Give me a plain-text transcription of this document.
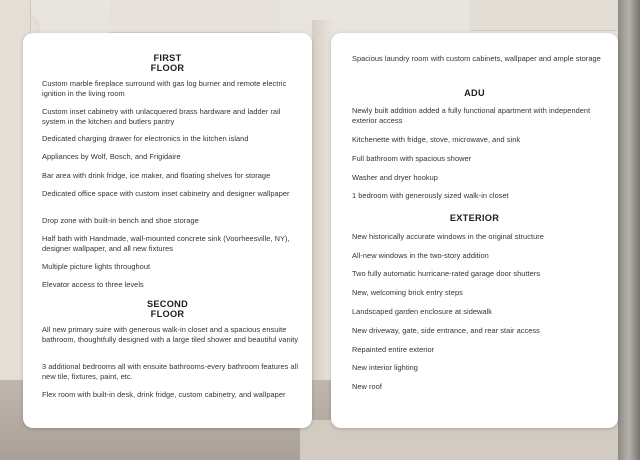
FIRST
FLOOR
Custom marble fireplace surround with gas log burner and remote electric ignition in the living room
Custom inset cabinetry with unlacquered brass hardware and ladder rail system in the kitchen and butlers pantry
Dedicated charging drawer for electronics in the kitchen island
Appliances by Wolf, Bosch, and Frigidaire
Bar area with drink fridge, ice maker, and floating shelves for storage
Dedicated office space with custom inset cabinetry and designer wallpaper
Drop zone with built-in bench and shoe storage
Half bath with Handmade, wall-mounted concrete sink (Voorheesville, NY), designer wallpaper, and all new fixtures
Multiple picture lights throughout
Elevator access to three levels
SECOND
FLOOR
All new primary suire with generous walk-in closet and a spacious ensuite bathroom, thoughtfully designed with a large tiled shower and beautiful vanity
3 additional bedrooms all with ensuite bathrooms-every bathroom features all new tile, fixtures, paint, etc.
Flex room with built-in desk, drink fridge, custom cabinetry, and wallpaper
Spacious laundry room with custom cabinets, wallpaper and ample storage
ADU
Newly built addition added a fully functional apartment with independent exterior access
Kitchenette with fridge, stove, microwave, and sink
Full bathroom with spacious shower
Washer and dryer hookup
1 bedroom with generously sized walk-in closet
EXTERIOR
New historically accurate windows in the original structure
All-new windows in the two-story addition
Two fully automatic hurricane-rated garage door shutters
New, welcoming brick entry steps
Landscaped garden enclosure at sidewalk
New driveway, gate, side entrance, and rear stair access
Repainted entire exterior
New interior lighting
New roof
